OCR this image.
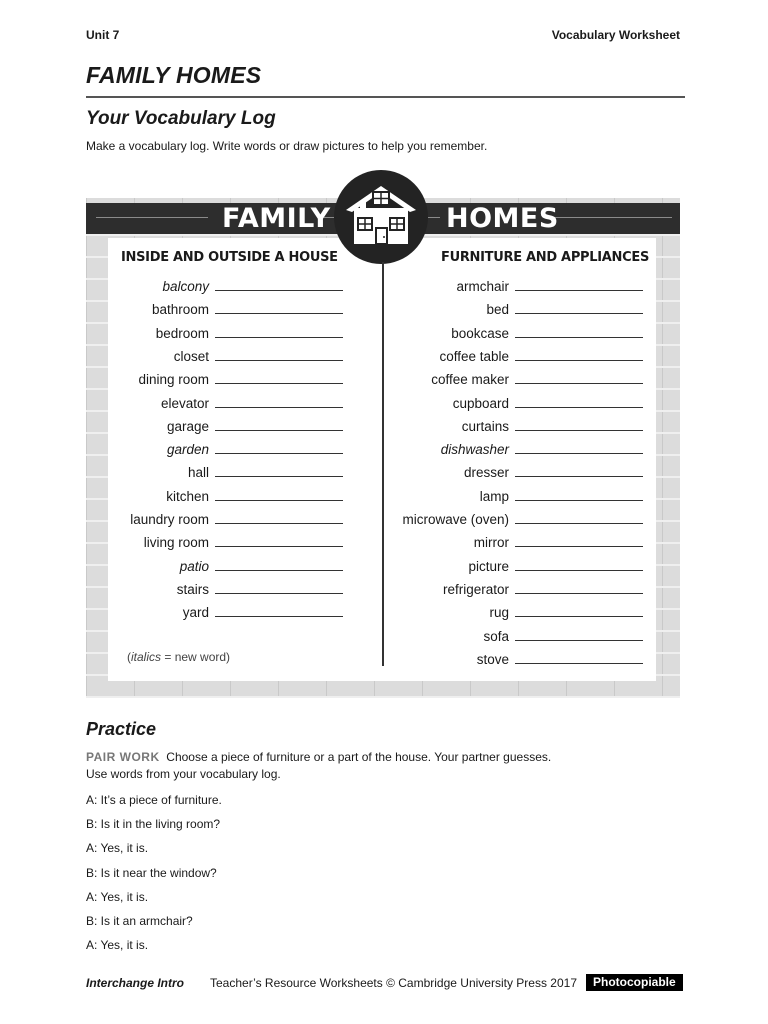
Unit 7	Vocabulary Worksheet
FAMILY HOMES
Your Vocabulary Log
Make a vocabulary log. Write words or draw pictures to help you remember.
FAMILY	HOMES
INSIDE AND OUTSIDE A HOUSE	FURNITURE AND APPLIANCES
balcony
bathroom
bedroom
closet
dining room
elevator
garage
garden
hall
kitchen
laundry room
living room
patio
stairs
yard
armchair
bed
bookcase
coffee table
coffee maker
cupboard
curtains
dishwasher
dresser
lamp
microwave (oven)
mirror
picture
refrigerator
rug
sofa
stove
(italics = new word)
Practice
PAIR WORK Choose a piece of furniture or a part of the house. Your partner guesses.
Use words from your vocabulary log.
A: It’s a piece of furniture.
B: Is it in the living room?
A: Yes, it is.
B: Is it near the window?
A: Yes, it is.
B: Is it an armchair?
A: Yes, it is.
Interchange Intro Teacher’s Resource Worksheets © Cambridge University Press 2017	Photocopiable
